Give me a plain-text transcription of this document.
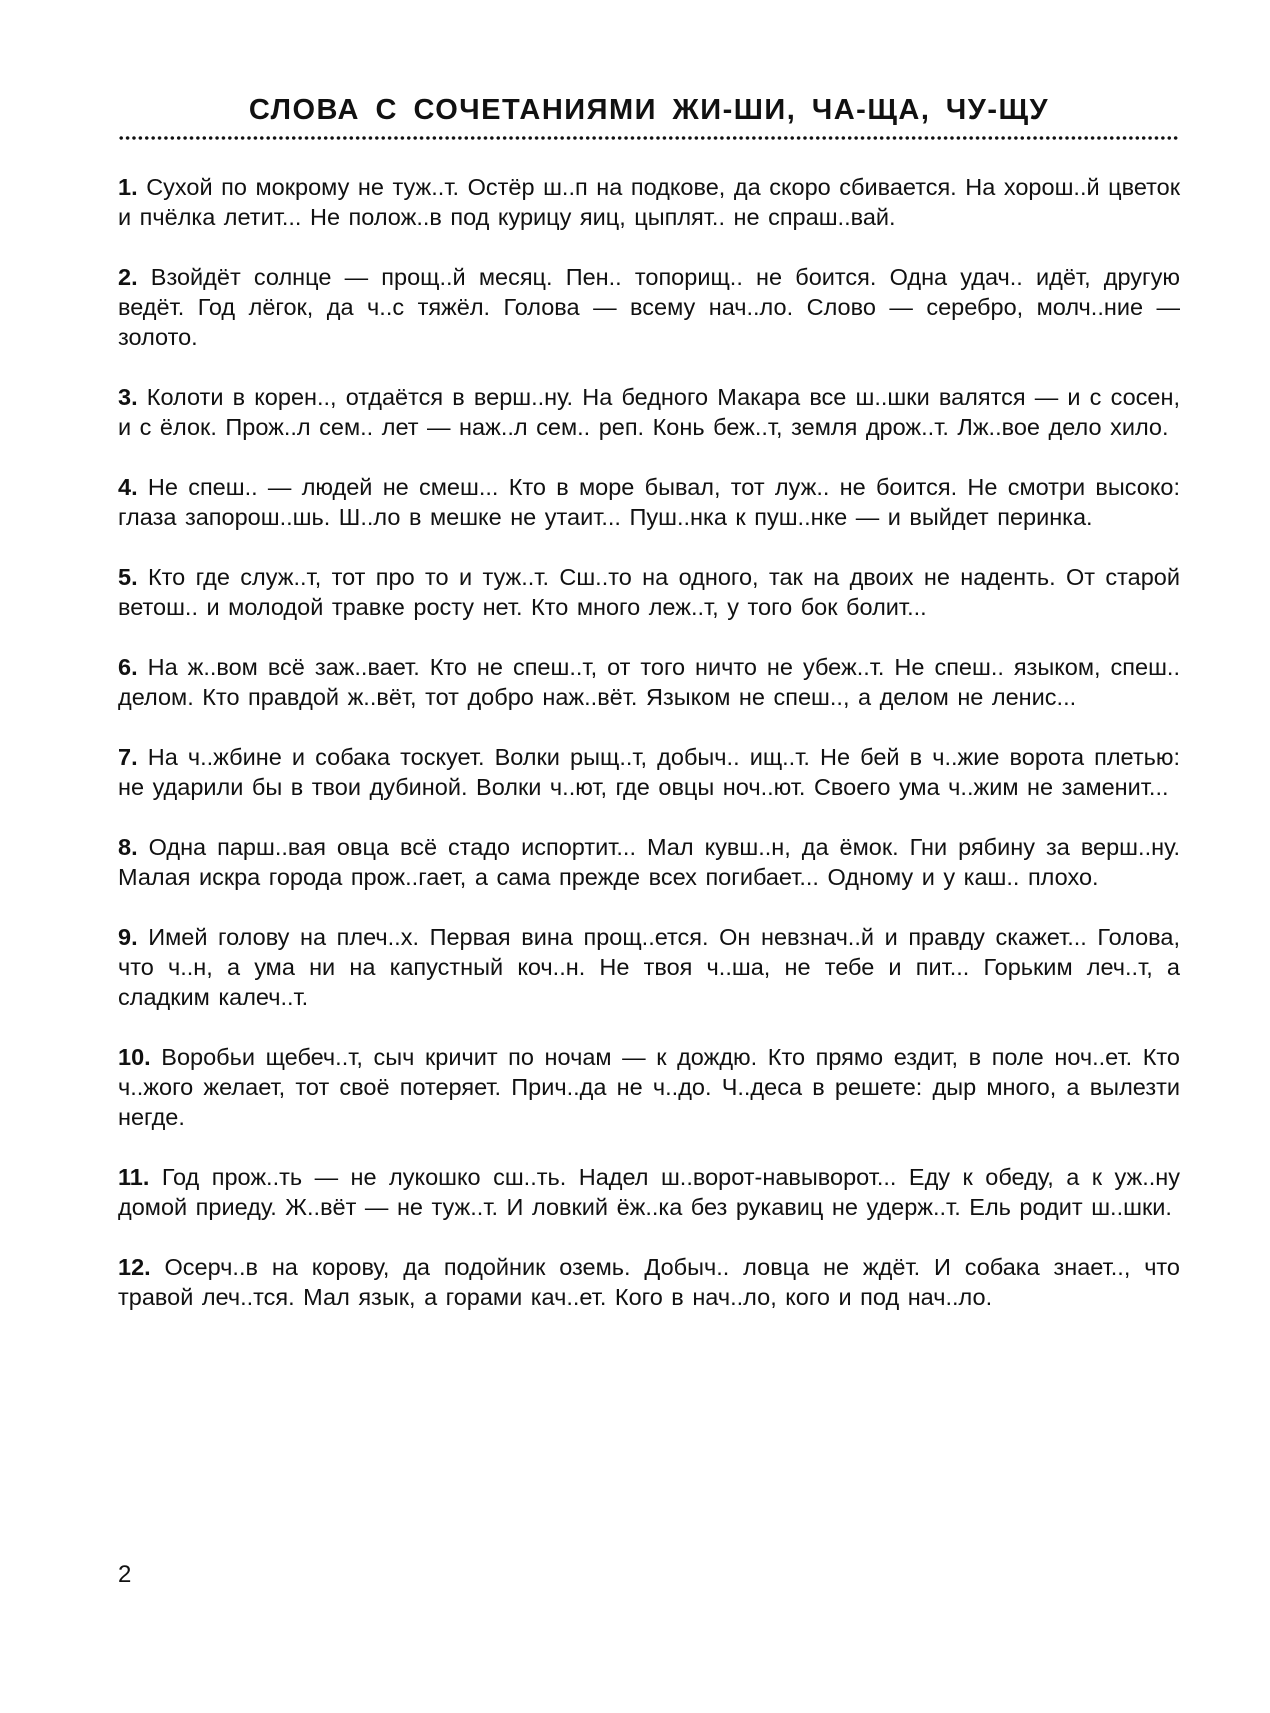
СЛОВА С СОЧЕТАНИЯМИ ЖИ-ШИ, ЧА-ЩА, ЧУ-ЩУ

1. Сухой по мокрому не туж..т. Остёр ш..п на подкове, да скоро сбивается. На хорош..й цветок и пчёлка летит... Не полож..в под курицу яиц, цыплят.. не спраш..вай.

2. Взойдёт солнце — прощ..й месяц. Пен.. топорищ.. не боится. Одна удач.. идёт, другую ведёт. Год лёгок, да ч..с тяжёл. Голова — всему нач..ло. Слово — серебро, молч..ние — золото.

3. Колоти в корен.., отдаётся в верш..ну. На бедного Макара все ш..шки валятся — и с сосен, и с ёлок. Прож..л сем.. лет — наж..л сем.. реп. Конь беж..т, земля дрож..т. Лж..вое дело хило.

4. Не спеш.. — людей не смеш... Кто в море бывал, тот луж.. не боится. Не смотри высоко: глаза запорош..шь. Ш..ло в мешке не утаит... Пуш..нка к пуш..нке — и выйдет перинка.

5. Кто где служ..т, тот про то и туж..т. Сш..то на одного, так на двоих не наденть. От старой ветош.. и молодой травке росту нет. Кто много леж..т, у того бок болит...

6. На ж..вом всё заж..вает. Кто не спеш..т, от того ничто не убеж..т. Не спеш.. языком, спеш.. делом. Кто правдой ж..вёт, тот добро наж..вёт. Языком не спеш.., а делом не ленис...

7. На ч..жбине и собака тоскует. Волки рыщ..т, добыч.. ищ..т. Не бей в ч..жие ворота плетью: не ударили бы в твои дубиной. Волки ч..ют, где овцы ноч..ют. Своего ума ч..жим не заменит...

8. Одна парш..вая овца всё стадо испортит... Мал кувш..н, да ёмок. Гни рябину за верш..ну. Малая искра города прож..гает, а сама прежде всех погибает... Одному и у каш.. плохо.

9. Имей голову на плеч..х. Первая вина прощ..ется. Он невзнач..й и правду скажет... Голова, что ч..н, а ума ни на капустный коч..н. Не твоя ч..ша, не тебе и пит... Горьким леч..т, а сладким калеч..т.

10. Воробьи щебеч..т, сыч кричит по ночам — к дождю. Кто прямо ездит, в поле ноч..ет. Кто ч..жого желает, тот своё потеряет. Прич..да не ч..до. Ч..деса в решете: дыр много, а вылезти негде.

11. Год прож..ть — не лукошко сш..ть. Надел ш..ворот-навыворот... Еду к обеду, а к уж..ну домой приеду. Ж..вёт — не туж..т. И ловкий ёж..ка без рукавиц не удерж..т. Ель родит ш..шки.

12. Осерч..в на корову, да подойник оземь. Добыч.. ловца не ждёт. И собака знает.., что травой леч..тся. Мал язык, а горами кач..ет. Кого в нач..ло, кого и под нач..ло.

2
